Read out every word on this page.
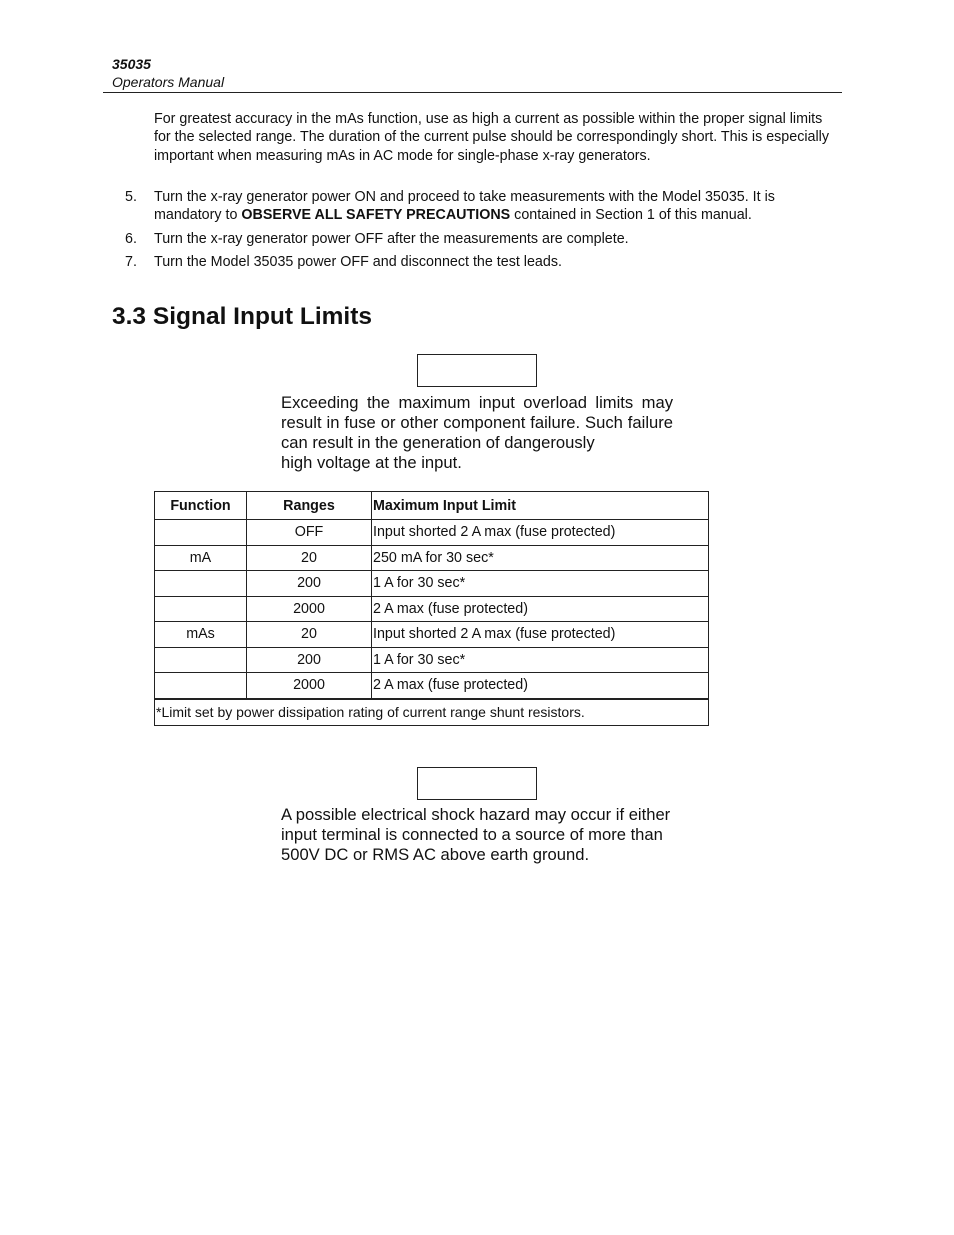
35035
Operators Manual
For greatest accuracy in the mAs function, use as high a current as possible within the proper signal limits for the selected range. The duration of the current pulse should be correspondingly short. This is especially important when measuring mAs in AC mode for single-phase x-ray generators.
5.	Turn the x-ray generator power ON and proceed to take measurements with the Model 35035. It is mandatory to OBSERVE ALL SAFETY PRECAUTIONS contained in Section 1 of this manual.
6.	Turn the x-ray generator power OFF after the measurements are complete.
7.	Turn the Model 35035 power OFF and disconnect the test leads.
3.3 Signal Input Limits
Exceeding the maximum input overload limits may result in fuse or other component failure. Such failure can result in the generation of dangerously
high voltage at the input.
Function	Ranges	Maximum Input Limit
	OFF	Input shorted 2 A max (fuse protected)
mA	20	250 mA for 30 sec*
	200	1 A for 30 sec*
	2000	2 A max (fuse protected)
mAs	20	Input shorted 2 A max (fuse protected)
	200	1 A for 30 sec*
	2000	2 A max (fuse protected)
*Limit set by power dissipation rating of current range shunt resistors.		
A possible electrical shock hazard may occur if either input terminal is connected to a source of more than 500V DC or RMS AC above earth ground.
